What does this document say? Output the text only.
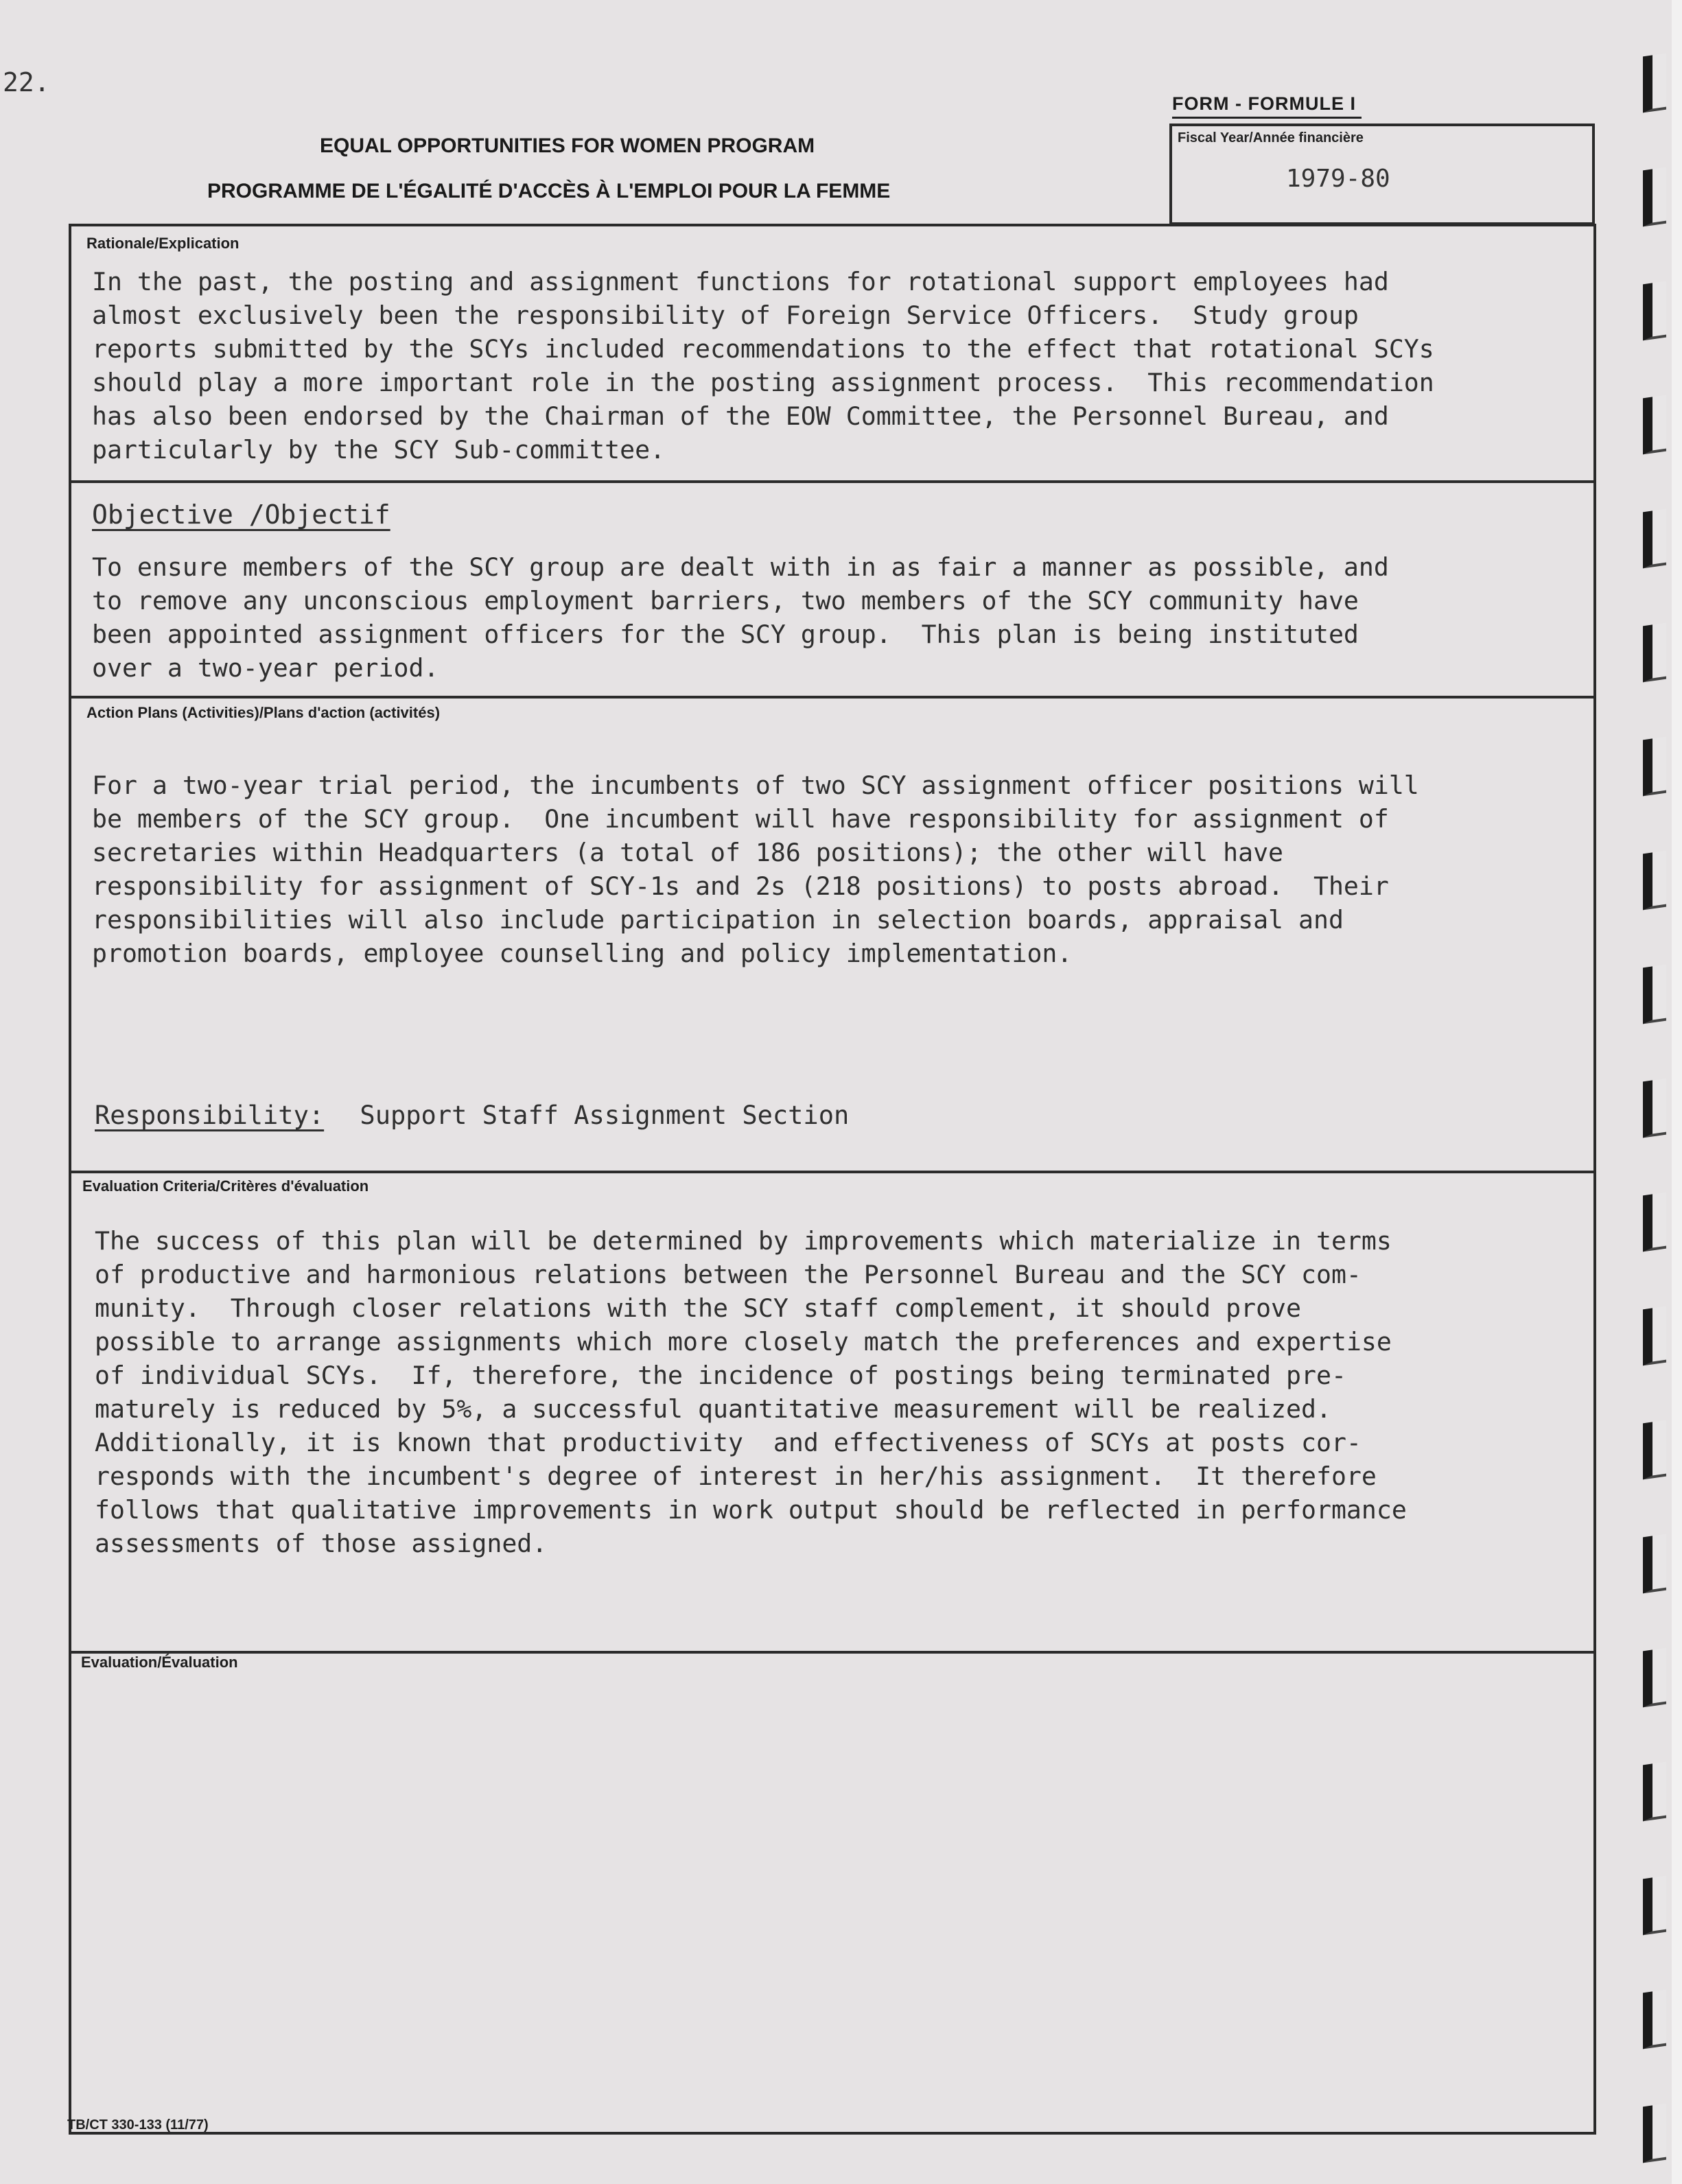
22.
FORM - FORMULE I
EQUAL OPPORTUNITIES FOR WOMEN PROGRAM
PROGRAMME DE L'ÉGALITÉ D'ACCÈS À L'EMPLOI POUR LA FEMME
Fiscal Year/Année financière
1979-80
Rationale/Explication
In the past, the posting and assignment functions for rotational support employees had
almost exclusively been the responsibility of Foreign Service Officers.  Study group
reports submitted by the SCYs included recommendations to the effect that rotational SCYs
should play a more important role in the posting assignment process.  This recommendation
has also been endorsed by the Chairman of the EOW Committee, the Personnel Bureau, and
particularly by the SCY Sub-committee.
Objective /Objectif
To ensure members of the SCY group are dealt with in as fair a manner as possible, and
to remove any unconscious employment barriers, two members of the SCY community have
been appointed assignment officers for the SCY group.  This plan is being instituted
over a two-year period.
Action Plans (Activities)/Plans d'action (activités)
For a two-year trial period, the incumbents of two SCY assignment officer positions will
be members of the SCY group.  One incumbent will have responsibility for assignment of
secretaries within Headquarters (a total of 186 positions); the other will have
responsibility for assignment of SCY-1s and 2s (218 positions) to posts abroad.  Their
responsibilities will also include participation in selection boards, appraisal and
promotion boards, employee counselling and policy implementation.
Responsibility: Support Staff Assignment Section
Evaluation Criteria/Critères d'évaluation
The success of this plan will be determined by improvements which materialize in terms
of productive and harmonious relations between the Personnel Bureau and the SCY com-
munity.  Through closer relations with the SCY staff complement, it should prove
possible to arrange assignments which more closely match the preferences and expertise
of individual SCYs.  If, therefore, the incidence of postings being terminated pre-
maturely is reduced by 5%, a successful quantitative measurement will be realized.
Additionally, it is known that productivity  and effectiveness of SCYs at posts cor-
responds with the incumbent's degree of interest in her/his assignment.  It therefore
follows that qualitative improvements in work output should be reflected in performance
assessments of those assigned.
Evaluation/Évaluation
TB/CT 330-133 (11/77)
